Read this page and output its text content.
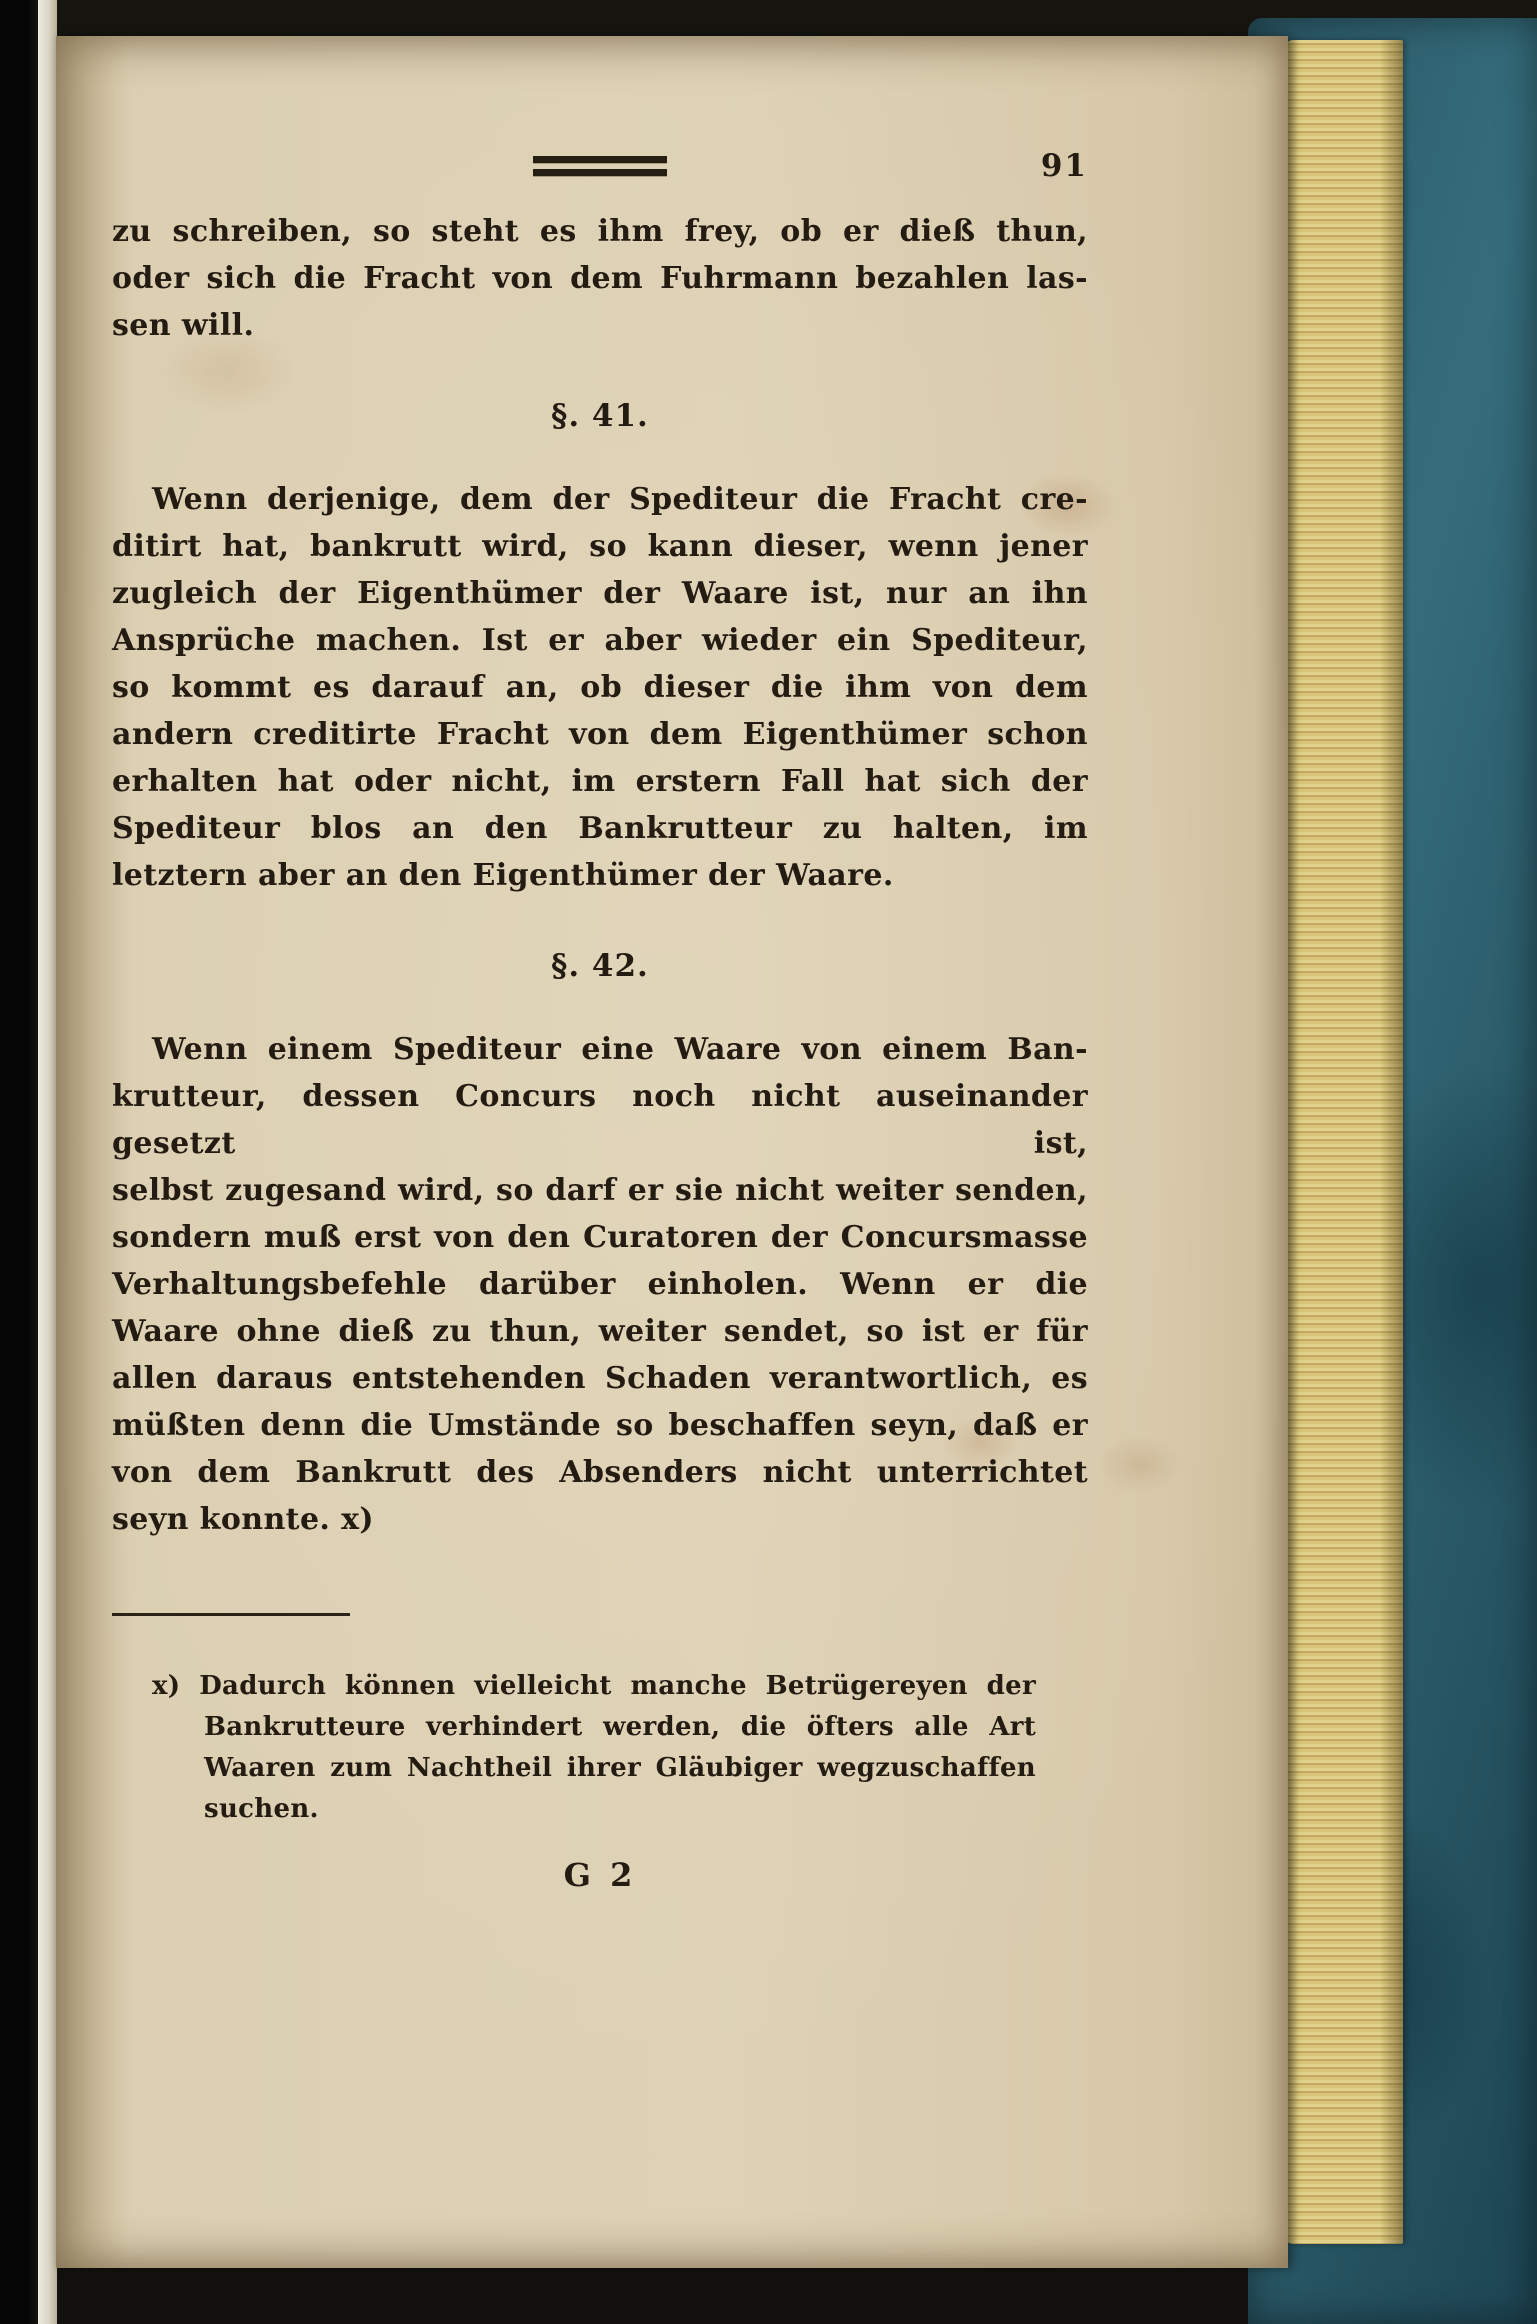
91
zu schreiben, so steht es ihm frey, ob er dieß thun,
oder sich die Fracht von dem Fuhrmann bezahlen las-
sen will.
§. 41.
Wenn derjenige, dem der Spediteur die Fracht cre-
ditirt hat, bankrutt wird, so kann dieser, wenn jener
zugleich der Eigenthümer der Waare ist, nur an ihn
Ansprüche machen. Ist er aber wieder ein Spediteur,
so kommt es darauf an, ob dieser die ihm von dem
andern creditirte Fracht von dem Eigenthümer schon
erhalten hat oder nicht, im erstern Fall hat sich der
Spediteur blos an den Bankrutteur zu halten, im
letztern aber an den Eigenthümer der Waare.
§. 42.
Wenn einem Spediteur eine Waare von einem Ban-
krutteur, dessen Concurs noch nicht auseinander gesetzt ist,
selbst zugesand wird, so darf er sie nicht weiter senden,
sondern muß erst von den Curatoren der Concursmasse
Verhaltungsbefehle darüber einholen. Wenn er die
Waare ohne dieß zu thun, weiter sendet, so ist er für
allen daraus entstehenden Schaden verantwortlich, es
müßten denn die Umstände so beschaffen seyn, daß er
von dem Bankrutt des Absenders nicht unterrichtet
seyn konnte. x)
x) Dadurch können vielleicht manche Betrügereyen der
Bankrutteure verhindert werden, die öfters alle Art
Waaren zum Nachtheil ihrer Gläubiger wegzuschaffen
suchen.
G 2
